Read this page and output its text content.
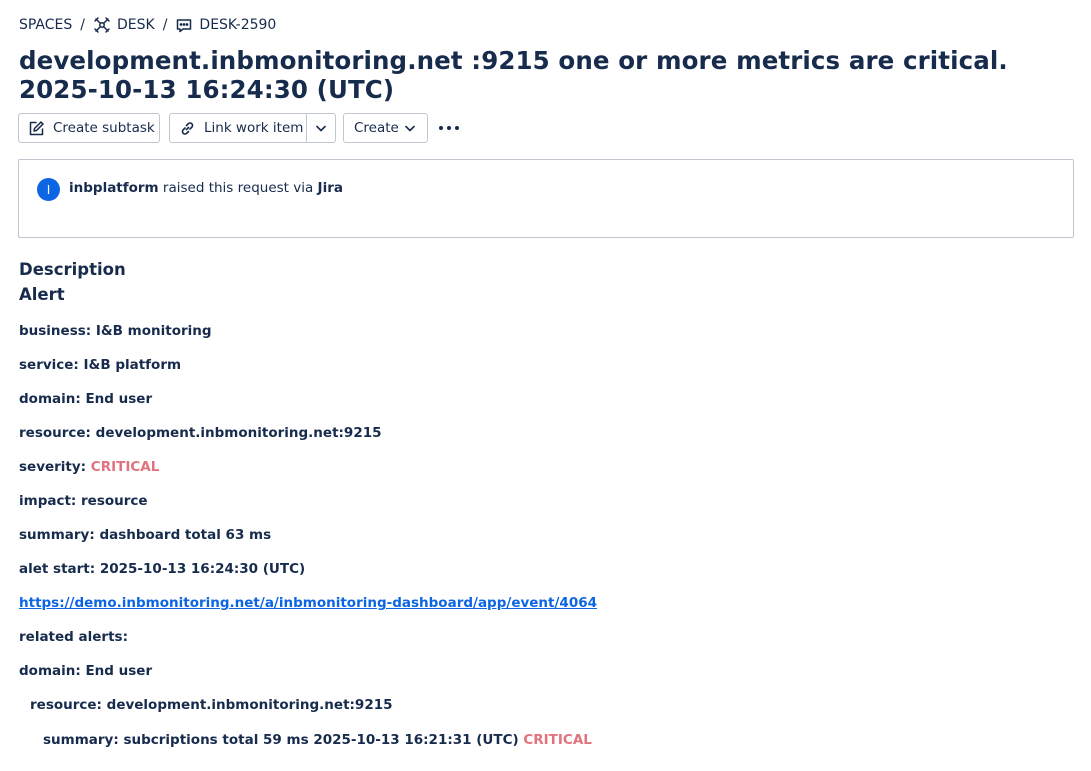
SPACES / DESK / DESK-2590
development.inbmonitoring.net :9215 one or more metrics are critical. 2025-10-13 16:24:30 (UTC)
Create subtask	Link work item	Create
I	inbplatform raised this request via Jira
Description
Alert
business: I&B monitoring
service: I&B platform
domain: End user
resource: development.inbmonitoring.net:9215
severity: CRITICAL
impact: resource
summary: dashboard total 63 ms
alet start: 2025-10-13 16:24:30 (UTC)
https://demo.inbmonitoring.net/a/inbmonitoring-dashboard/app/event/4064
related alerts:
domain: End user
resource: development.inbmonitoring.net:9215
summary: subcriptions total 59 ms 2025-10-13 16:21:31 (UTC) CRITICAL
